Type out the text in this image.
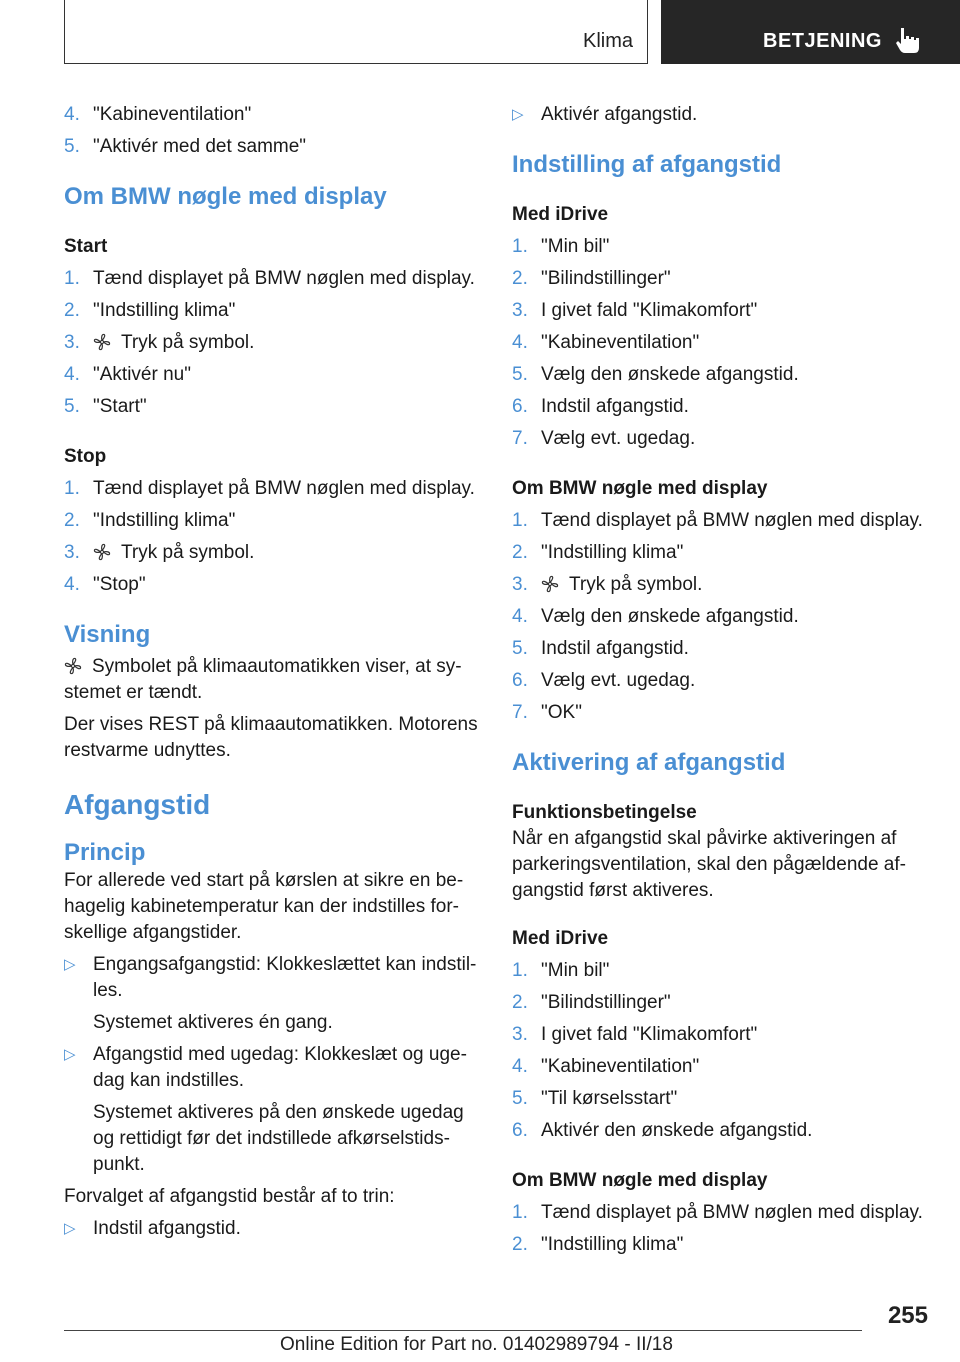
Klima	BETJENING
4. "Kabineventilation"
5. "Aktivér med det samme"
Om BMW nøgle med display
Start
1. Tænd displayet på BMW nøglen med display.
2. "Indstilling klima"
3.	Tryk på symbol.
4. "Aktivér nu"
5. "Start"
Stop
1. Tænd displayet på BMW nøglen med display.
2. "Indstilling klima"
3.	Tryk på symbol.
4. "Stop"
Visning
Symbolet på klimaautomatikken viser, at sy-
stemet er tændt.
Der vises REST på klimaautomatikken. Motorens
restvarme udnyttes.
Afgangstid
Princip
For allerede ved start på kørslen at sikre en be-
hagelig kabinetemperatur kan der indstilles for-
skellige afgangstider.
▷ Engangsafgangstid: Klokkeslættet kan indstil-
les.
Systemet aktiveres én gang.
▷ Afgangstid med ugedag: Klokkeslæt og uge-
dag kan indstilles.
Systemet aktiveres på den ønskede ugedag
og rettidigt før det indstillede afkørselstids-
punkt.
Forvalget af afgangstid består af to trin:
▷ Indstil afgangstid.
▷ Aktivér afgangstid.
Indstilling af afgangstid
Med iDrive
1. "Min bil"
2. "Bilindstillinger"
3. I givet fald "Klimakomfort"
4. "Kabineventilation"
5. Vælg den ønskede afgangstid.
6. Indstil afgangstid.
7. Vælg evt. ugedag.
Om BMW nøgle med display
1. Tænd displayet på BMW nøglen med display.
2. "Indstilling klima"
3.	Tryk på symbol.
4. Vælg den ønskede afgangstid.
5. Indstil afgangstid.
6. Vælg evt. ugedag.
7. "OK"
Aktivering af afgangstid
Funktionsbetingelse
Når en afgangstid skal påvirke aktiveringen af
parkeringsventilation, skal den pågældende af-
gangstid først aktiveres.
Med iDrive
1. "Min bil"
2. "Bilindstillinger"
3. I givet fald "Klimakomfort"
4. "Kabineventilation"
5. "Til kørselsstart"
6. Aktivér den ønskede afgangstid.
Om BMW nøgle med display
1. Tænd displayet på BMW nøglen med display.
2. "Indstilling klima"
255
Online Edition for Part no. 01402989794 - II/18
